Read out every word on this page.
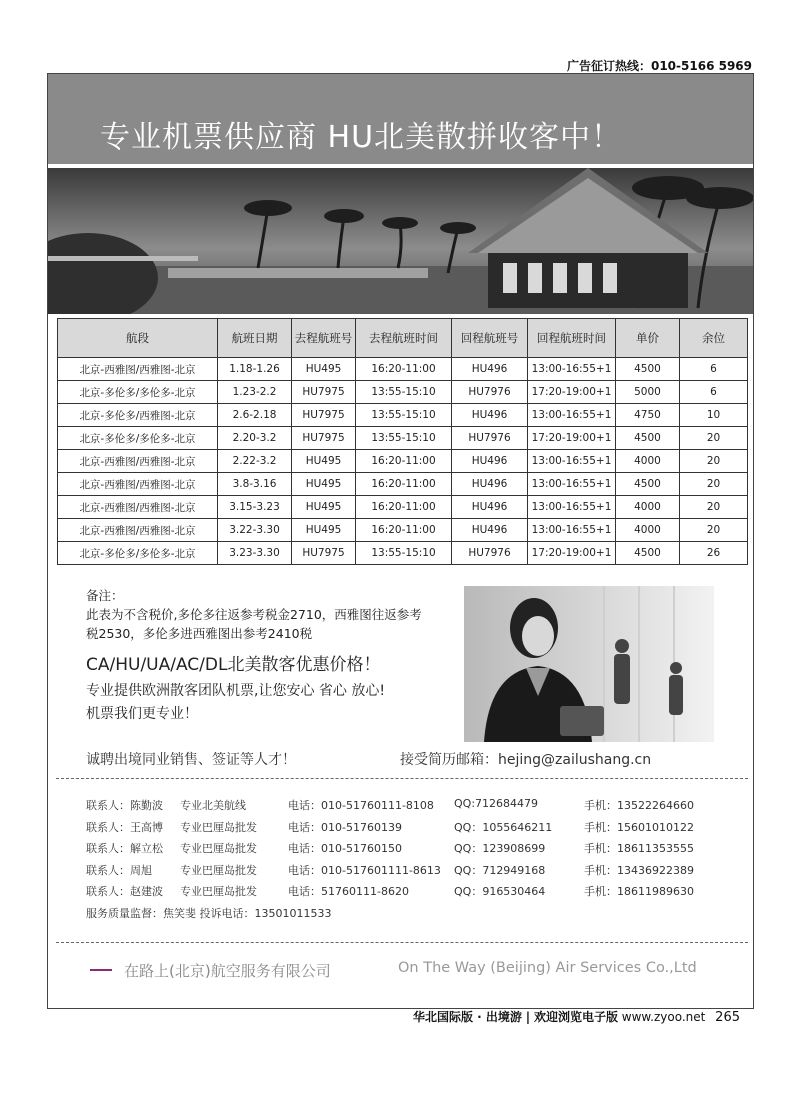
广告征订热线：010-5166 5969
专业机票供应商 HU北美散拼收客中！
航段	航班日期	去程航班号	去程航班时间	回程航班号	回程航班时间	单价	余位
北京-西雅图/西雅图-北京	1.18-1.26	HU495	16:20-11:00	HU496	13:00-16:55+1	4500	6
北京-多伦多/多伦多-北京	1.23-2.2	HU7975	13:55-15:10	HU7976	17:20-19:00+1	5000	6
北京-多伦多/西雅图-北京	2.6-2.18	HU7975	13:55-15:10	HU496	13:00-16:55+1	4750	10
北京-多伦多/多伦多-北京	2.20-3.2	HU7975	13:55-15:10	HU7976	17:20-19:00+1	4500	20
北京-西雅图/西雅图-北京	2.22-3.2	HU495	16:20-11:00	HU496	13:00-16:55+1	4000	20
北京-西雅图/西雅图-北京	3.8-3.16	HU495	16:20-11:00	HU496	13:00-16:55+1	4500	20
北京-西雅图/西雅图-北京	3.15-3.23	HU495	16:20-11:00	HU496	13:00-16:55+1	4000	20
北京-西雅图/西雅图-北京	3.22-3.30	HU495	16:20-11:00	HU496	13:00-16:55+1	4000	20
北京-多伦多/多伦多-北京	3.23-3.30	HU7975	13:55-15:10	HU7976	17:20-19:00+1	4500	26
备注：
此表为不含税价,多伦多往返参考税金2710，西雅图往返参考
税2530，多伦多进西雅图出参考2410税
CA/HU/UA/AC/DL北美散客优惠价格！
专业提供欧洲散客团队机票,让您安心 省心 放心!
机票我们更专业！
诚聘出境同业销售、签证等人才！	接受简历邮箱：hejing@zailushang.cn
联系人：陈勤波 专业北美航线	电话：010-51760111-8108 QQ:712684479	手机：13522264660
联系人：王高博 专业巴厘岛批发	电话：010-51760139	QQ：1055646211	手机：15601010122
联系人：解立松 专业巴厘岛批发	电话：010-51760150	QQ：123908699	手机：18611353555
联系人：周旭	专业巴厘岛批发	电话：010-517601111-8613 QQ：712949168	手机：13436922389
联系人：赵建波 专业巴厘岛批发	电话：51760111-8620	QQ：916530464	手机：18611989630
服务质量监督：焦笑斐 投诉电话：13501011533
在路上(北京)航空服务有限公司	On The Way (Beijing) Air Services Co.,Ltd
华北国际版 · 出境游 | 欢迎浏览电子版 www.zyoo.net 265
